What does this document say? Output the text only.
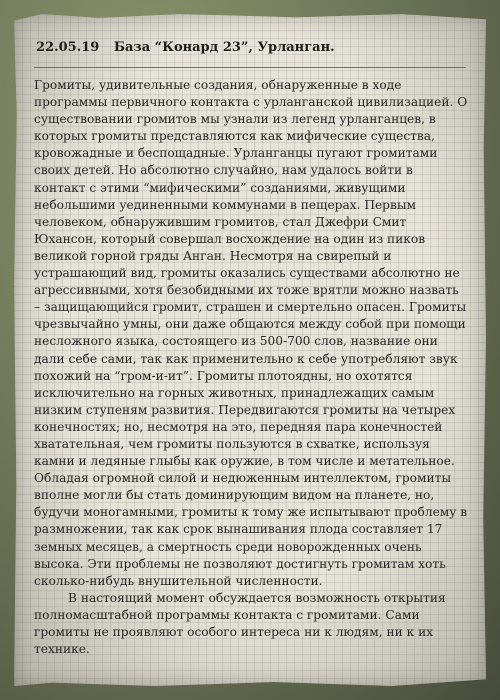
22.05.19 База “Конард 23”, Урланган.

Громиты, удивительные создания, обнаруженные в ходе программы первичного контакта с урланганской цивилизацией. О существовании громитов мы узнали из легенд урланганцев, в которых громиты представляются как мифические существа, кровожадные и беспощадные. Урланганцы пугают громитами своих детей. Но абсолютно случайно, нам удалось войти в контакт с этими “мифическими” созданиями, живущими небольшими уединенными коммунами в пещерах. Первым человеком, обнаружившим громитов, стал Джефри Смит Юхансон, который совершал восхождение на один из пиков великой горной гряды Анган. Несмотря на свирепый и устрашающий вид, громиты оказались существами абсолютно не агрессивными, хотя безобидными их тоже врятли можно назвать – защищающийся громит, страшен и смертельно опасен. Громиты чрезвычайно умны, они даже общаются между собой при помощи несложного языка, состоящего из 500-700 слов, название они дали себе сами, так как применительно к себе употребляют звук похожий на “гром-и-ит”. Громиты плотоядны, но охотятся исключительно на горных животных, принадлежащих самым низким ступеням развития. Передвигаются громиты на четырех конечностях; но, несмотря на это, передняя пара конечностей хватательная, чем громиты пользуются в схватке, используя камни и ледяные глыбы как оружие, в том числе и метательное. Обладая огромной силой и недюженным интеллектом, громиты вполне могли бы стать доминирующим видом на планете, но, будучи моногамными, громиты к тому же испытывают проблему в размножении, так как срок вынашивания плода составляет 17 земных месяцев, а смертность среди новорожденных очень высока. Эти проблемы не позволяют достигнуть громитам хоть сколько-нибудь внушительной численности.

В настоящий момент обсуждается возможность открытия полномасштабной программы контакта с громитами. Сами громиты не проявляют особого интереса ни к людям, ни к их технике.
